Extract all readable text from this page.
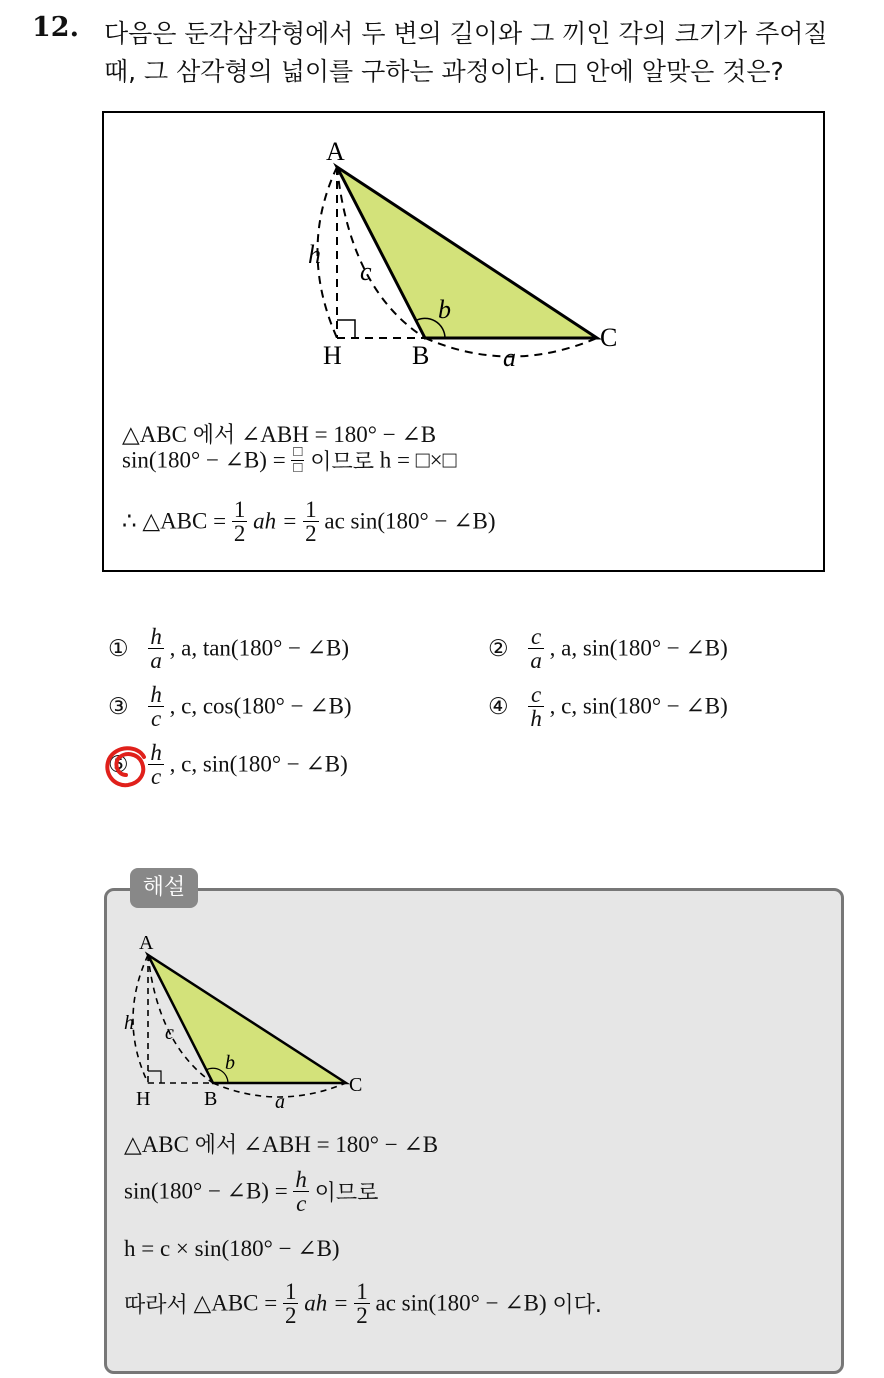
12. 다음은 둔각삼각형에서 두 변의 길이와 그 끼인 각의 크기가 주어질
때, 그 삼각형의 넓이를 구하는 과정이다. □ 안에 알맞은 것은?
A
B
C
H	a
b
c
h
△ABC 에서 ∠ABH = 180° − ∠B
sin(180° − ∠B) = $\frac{□}{□}$ 이므로 h = □×□
∴ △ABC = $\frac{1}{2}$ ah = $\frac{1}{2}$ ac sin(180° − ∠B)
① $\frac{h}{a}$ , a, tan(180° − ∠B)	② $\frac{c}{a}$ , a, sin(180° − ∠B)
③ $\frac{h}{c}$ , c, cos(180° − ∠B)	④ $\frac{c}{h}$ , c, sin(180° − ∠B)
⑤ $\frac{h}{c}$ , c, sin(180° − ∠B)
해설
A
B
C
H	a
b
c
h
△ABC 에서 ∠ABH = 180° − ∠B
sin(180° − ∠B) = $\frac{h}{c}$ 이므로
h = c × sin(180° − ∠B)
따라서 △ABC = $\frac{1}{2}$ ah = $\frac{1}{2}$ ac sin(180° − ∠B) 이다.
